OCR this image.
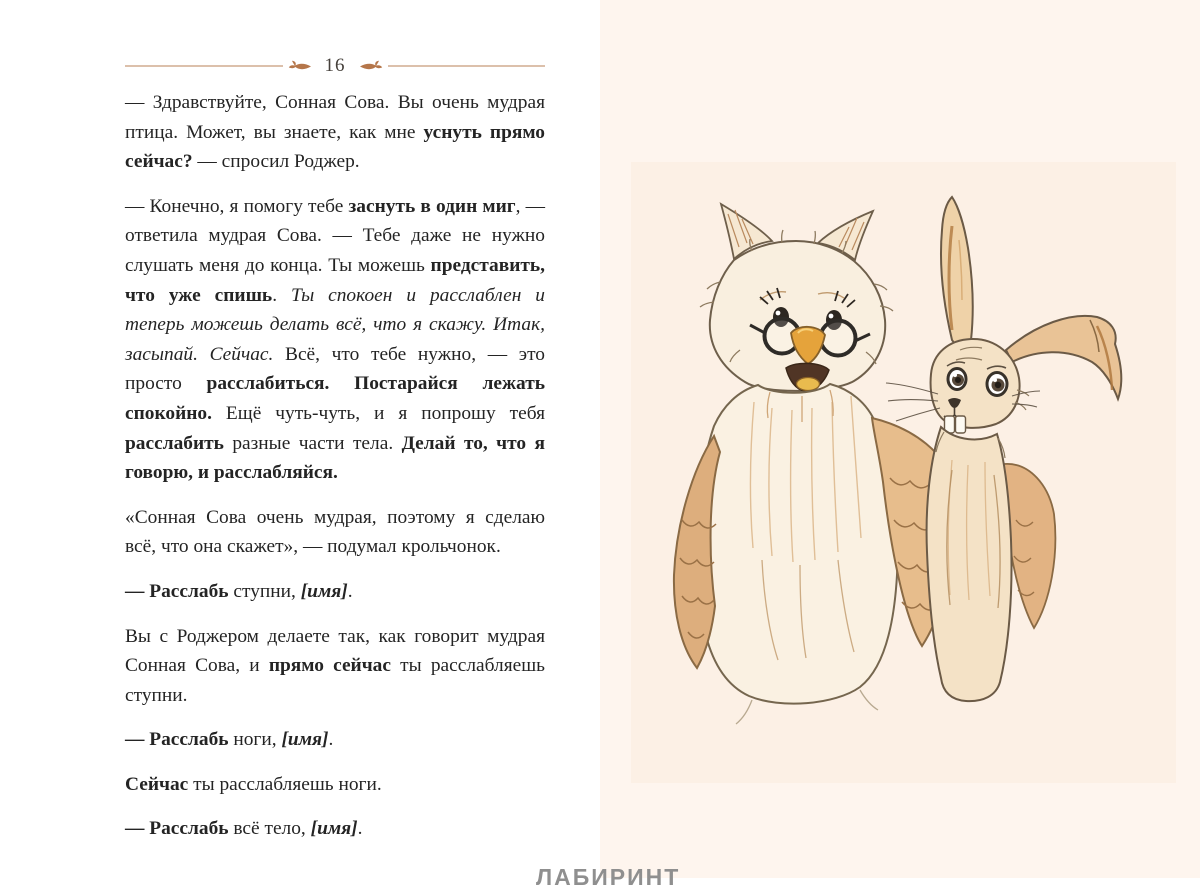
16

— Здравствуйте, Сонная Сова. Вы очень мудрая птица. Может, вы знаете, как мне уснуть прямо сейчас? — спросил Роджер.

— Конечно, я помогу тебе заснуть в один миг, — ответила мудрая Сова. — Тебе даже не нужно слушать меня до конца. Ты можешь представить, что уже спишь. Ты спокоен и расслаблен и теперь можешь делать всё, что я скажу. Итак, засыпай. Сейчас. Всё, что тебе нужно, — это просто расслабиться. Постарайся лежать спокойно. Ещё чуть-чуть, и я попрошу тебя расслабить разные части тела. Делай то, что я говорю, и расслабляйся.

«Сонная Сова очень мудрая, поэтому я сделаю всё, что она скажет», — подумал крольчонок.

— Расслабь ступни, [имя].

Вы с Роджером делаете так, как говорит мудрая Сонная Сова, и прямо сейчас ты расслабляешь ступни.

— Расслабь ноги, [имя].

Сейчас ты расслабляешь ноги.

— Расслабь всё тело, [имя].

ЛАБИРИНТ
